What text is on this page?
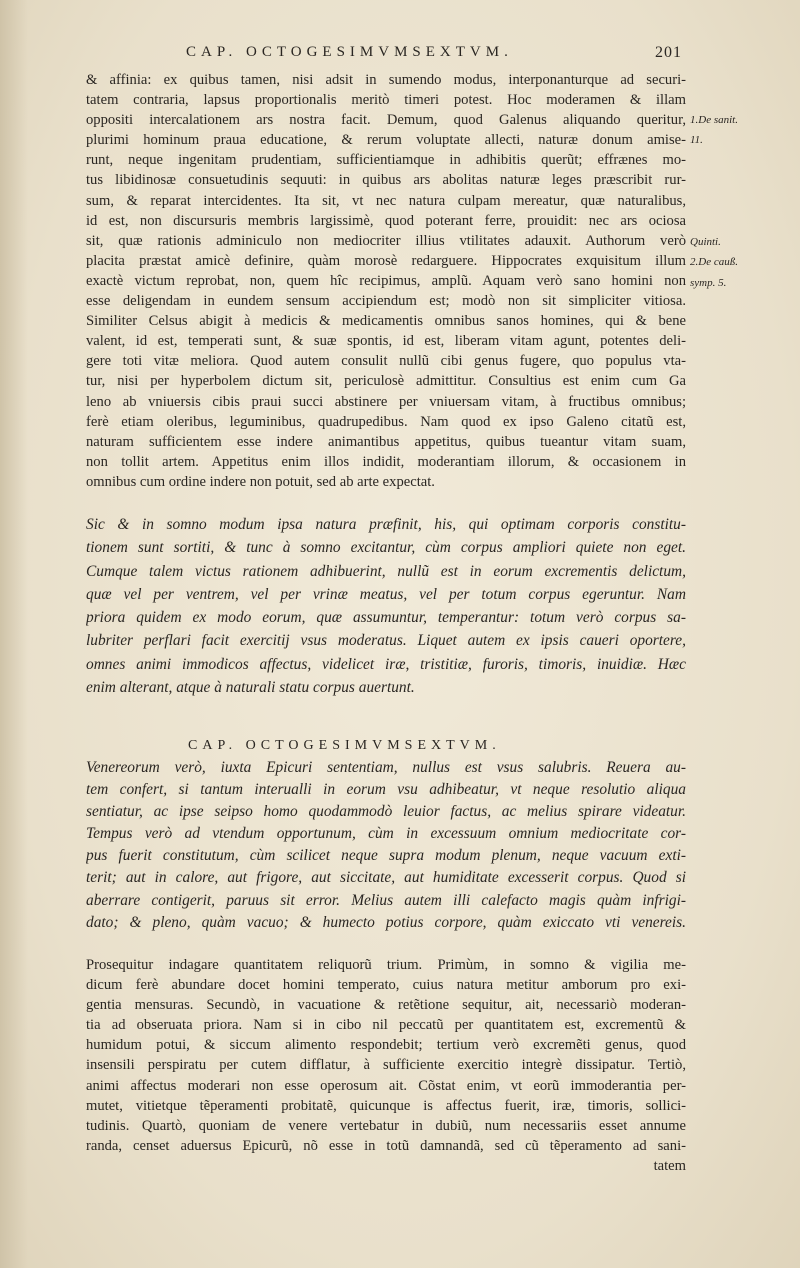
CAP. OCTOGESIMVMSEXTVM.	201
& affinia: ex quibus tamen, nisi adsit in sumendo modus, interponanturque ad securi-
tatem contraria, lapsus proportionalis meritò timeri potest. Hoc moderamen & illam
oppositi intercalationem ars nostra facit. Demum, quod Galenus aliquando queritur,
plurimi hominum praua educatione, & rerum voluptate allecti, naturæ donum amise-
runt, neque ingenitam prudentiam, sufficientiamque in adhibitis querũt; effrænes mo-
tus libidinosæ consuetudinis sequuti: in quibus ars abolitas naturæ leges præscribit rur-
sum, & reparat intercidentes. Ita sit, vt nec natura culpam mereatur, quæ naturalibus,
id est, non discursuris membris largissimè, quod poterant ferre, prouidit: nec ars ociosa
sit, quæ rationis adminiculo non mediocriter illius vtilitates adauxit. Authorum verò
placita præstat amicè definire, quàm morosè redarguere. Hippocrates exquisitum illum
exactè victum reprobat, non, quem hîc recipimus, amplũ. Aquam verò sano homini non
esse deligendam in eundem sensum accipiendum est; modò non sit simpliciter vitiosa.
Similiter Celsus abigit à medicis & medicamentis omnibus sanos homines, qui & bene
valent, id est, temperati sunt, & suæ spontis, id est, liberam vitam agunt, potentes deli-
gere toti vitæ meliora. Quod autem consulit nullũ cibi genus fugere, quo populus vta-
tur, nisi per hyperbolem dictum sit, periculosè admittitur. Consultius est enim cum Ga
leno ab vniuersis cibis praui succi abstinere per vniuersam vitam, à fructibus omnibus;
ferè etiam oleribus, leguminibus, quadrupedibus. Nam quod ex ipso Galeno citatũ est,
naturam sufficientem esse indere animantibus appetitus, quibus tueantur vitam suam,
non tollit artem. Appetitus enim illos indidit, moderantiam illorum, & occasionem in
omnibus cum ordine indere non potuit, sed ab arte expectat.
1.De sanit.
11.
Quinti.
2.De cauß.
symp. 5.
Sic & in somno modum ipsa natura præfinit, his, qui optimam corporis constitu-
tionem sunt sortiti, & tunc à somno excitantur, cùm corpus ampliori quiete non eget.
Cumque talem victus rationem adhibuerint, nullũ est in eorum excrementis delictum,
quæ vel per ventrem, vel per vrinæ meatus, vel per totum corpus egeruntur. Nam
priora quidem ex modo eorum, quæ assumuntur, temperantur: totum verò corpus sa-
lubriter perflari facit exercitij vsus moderatus. Liquet autem ex ipsis caueri oportere,
omnes animi immodicos affectus, videlicet iræ, tristitiæ, furoris, timoris, inuidiæ. Hæc
enim alterant, atque à naturali statu corpus auertunt.
CAP. OCTOGESIMVMSEXTVM.
Venereorum verò, iuxta Epicuri sententiam, nullus est vsus salubris. Reuera au-
tem confert, si tantum interualli in eorum vsu adhibeatur, vt neque resolutio aliqua
sentiatur, ac ipse seipso homo quodammodò leuior factus, ac melius spirare videatur.
Tempus verò ad vtendum opportunum, cùm in excessuum omnium mediocritate cor-
pus fuerit constitutum, cùm scilicet neque supra modum plenum, neque vacuum exti-
terit; aut in calore, aut frigore, aut siccitate, aut humiditate excesserit corpus. Quod si
aberrare contigerit, paruus sit error. Melius autem illi calefacto magis quàm infrigi-
dato; & pleno, quàm vacuo; & humecto potius corpore, quàm exiccato vti venereis.
Prosequitur indagare quantitatem reliquorũ trium. Primùm, in somno & vigilia me-
dicum ferè abundare docet homini temperato, cuius natura metitur amborum pro exi-
gentia mensuras. Secundò, in vacuatione & retẽtione sequitur, ait, necessariò moderan-
tia ad obseruata priora. Nam si in cibo nil peccatũ per quantitatem est, excrementũ &
humidum potui, & siccum alimento respondebit; tertium verò excremẽti genus, quod
insensili perspiratu per cutem difflatur, à sufficiente exercitio integrè dissipatur. Tertiò,
animi affectus moderari non esse operosum ait. Cõstat enim, vt eorũ immoderantia per-
mutet, vitietque tẽperamenti probitatẽ, quicunque is affectus fuerit, iræ, timoris, sollici-
tudinis. Quartò, quoniam de venere vertebatur in dubiũ, num necessariis esset annume
randa, censet aduersus Epicurũ, nõ esse in totũ damnandã, sed cũ tẽperamento ad sani-
tatem
